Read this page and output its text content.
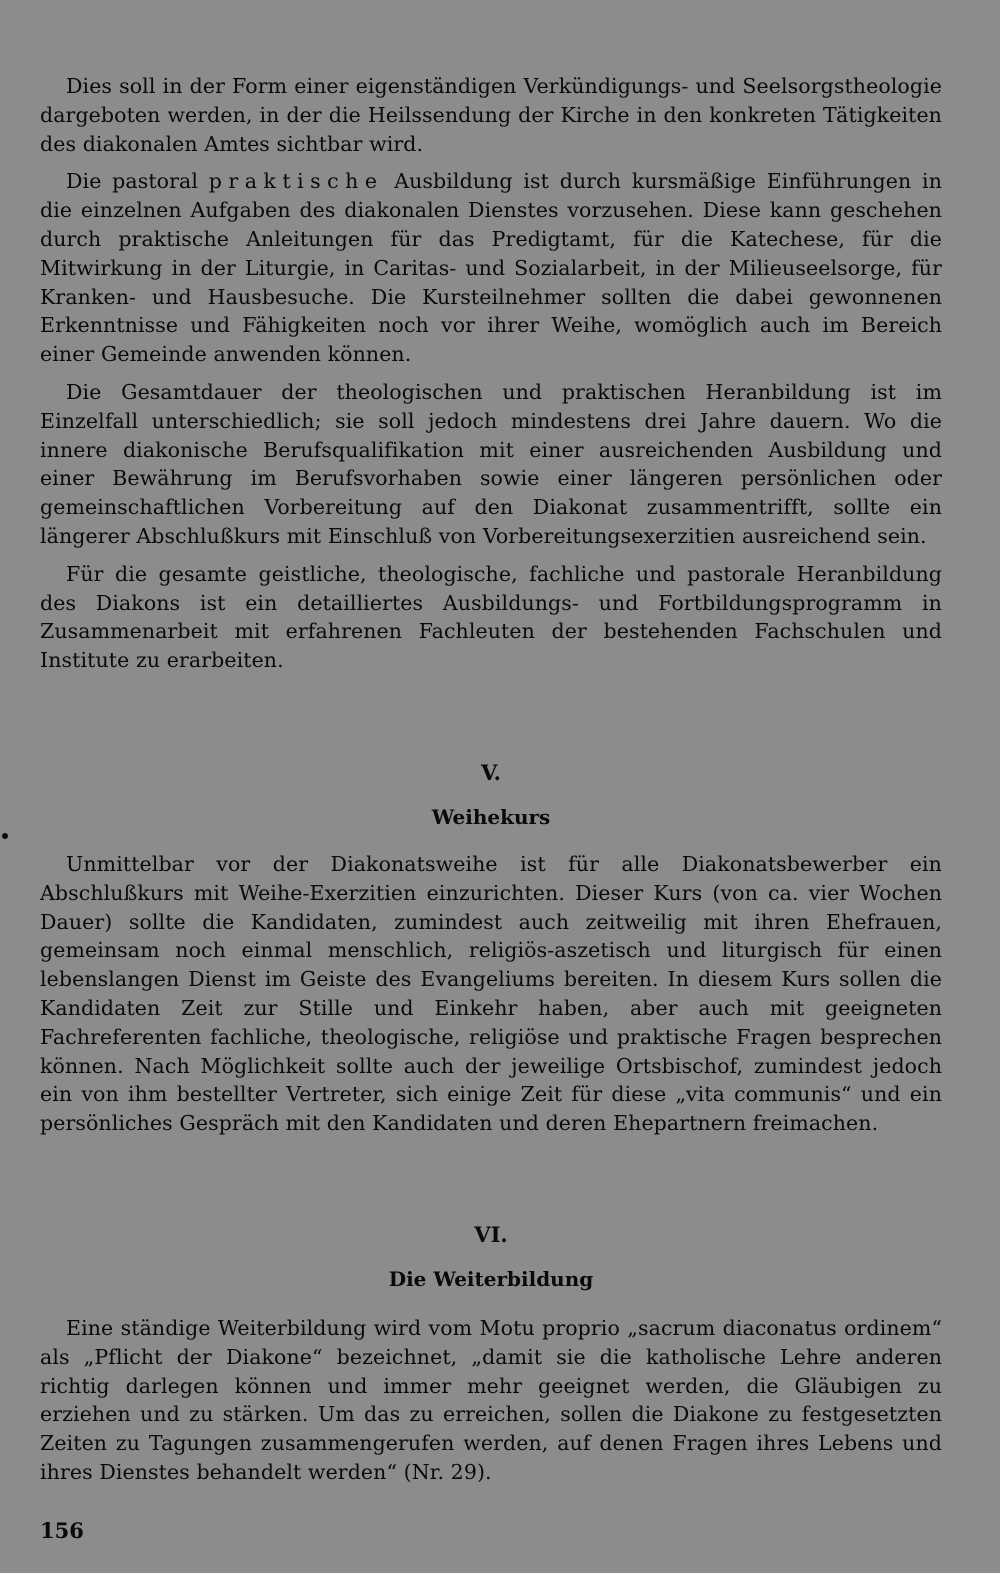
Dies soll in der Form einer eigenständigen Verkündigungs- und Seelsorgstheologie dargeboten werden, in der die Heilssendung der Kirche in den konkreten Tätigkeiten des diakonalen Amtes sichtbar wird.

Die pastoral praktische Ausbildung ist durch kursmäßige Einführungen in die einzelnen Aufgaben des diakonalen Dienstes vorzusehen. Diese kann geschehen durch praktische Anleitungen für das Predigtamt, für die Katechese, für die Mitwirkung in der Liturgie, in Caritas- und Sozialarbeit, in der Milieuseelsorge, für Kranken- und Hausbesuche. Die Kursteilnehmer sollten die dabei gewonnenen Erkenntnisse und Fähigkeiten noch vor ihrer Weihe, womöglich auch im Bereich einer Gemeinde anwenden können.

Die Gesamtdauer der theologischen und praktischen Heranbildung ist im Einzelfall unterschiedlich; sie soll jedoch mindestens drei Jahre dauern. Wo die innere diakonische Berufsqualifikation mit einer ausreichenden Ausbildung und einer Bewährung im Berufsvorhaben sowie einer längeren persönlichen oder gemeinschaftlichen Vorbereitung auf den Diakonat zusammentrifft, sollte ein längerer Abschlußkurs mit Einschluß von Vorbereitungsexerzitien ausreichend sein.

Für die gesamte geistliche, theologische, fachliche und pastorale Heranbildung des Diakons ist ein detailliertes Ausbildungs- und Fortbildungsprogramm in Zusammenarbeit mit erfahrenen Fachleuten der bestehenden Fachschulen und Institute zu erarbeiten.

V.
Weihekurs

Unmittelbar vor der Diakonatsweihe ist für alle Diakonatsbewerber ein Abschlußkurs mit Weihe-Exerzitien einzurichten. Dieser Kurs (von ca. vier Wochen Dauer) sollte die Kandidaten, zumindest auch zeitweilig mit ihren Ehefrauen, gemeinsam noch einmal menschlich, religiös-aszetisch und liturgisch für einen lebenslangen Dienst im Geiste des Evangeliums bereiten. In diesem Kurs sollen die Kandidaten Zeit zur Stille und Einkehr haben, aber auch mit geeigneten Fachreferenten fachliche, theologische, religiöse und praktische Fragen besprechen können. Nach Möglichkeit sollte auch der jeweilige Ortsbischof, zumindest jedoch ein von ihm bestellter Vertreter, sich einige Zeit für diese „vita communis“ und ein persönliches Gespräch mit den Kandidaten und deren Ehepartnern freimachen.

VI.
Die Weiterbildung

Eine ständige Weiterbildung wird vom Motu proprio „sacrum diaconatus ordinem“ als „Pflicht der Diakone“ bezeichnet, „damit sie die katholische Lehre anderen richtig darlegen können und immer mehr geeignet werden, die Gläubigen zu erziehen und zu stärken. Um das zu erreichen, sollen die Diakone zu festgesetzten Zeiten zu Tagungen zusammengerufen werden, auf denen Fragen ihres Lebens und ihres Dienstes behandelt werden“ (Nr. 29).

156
